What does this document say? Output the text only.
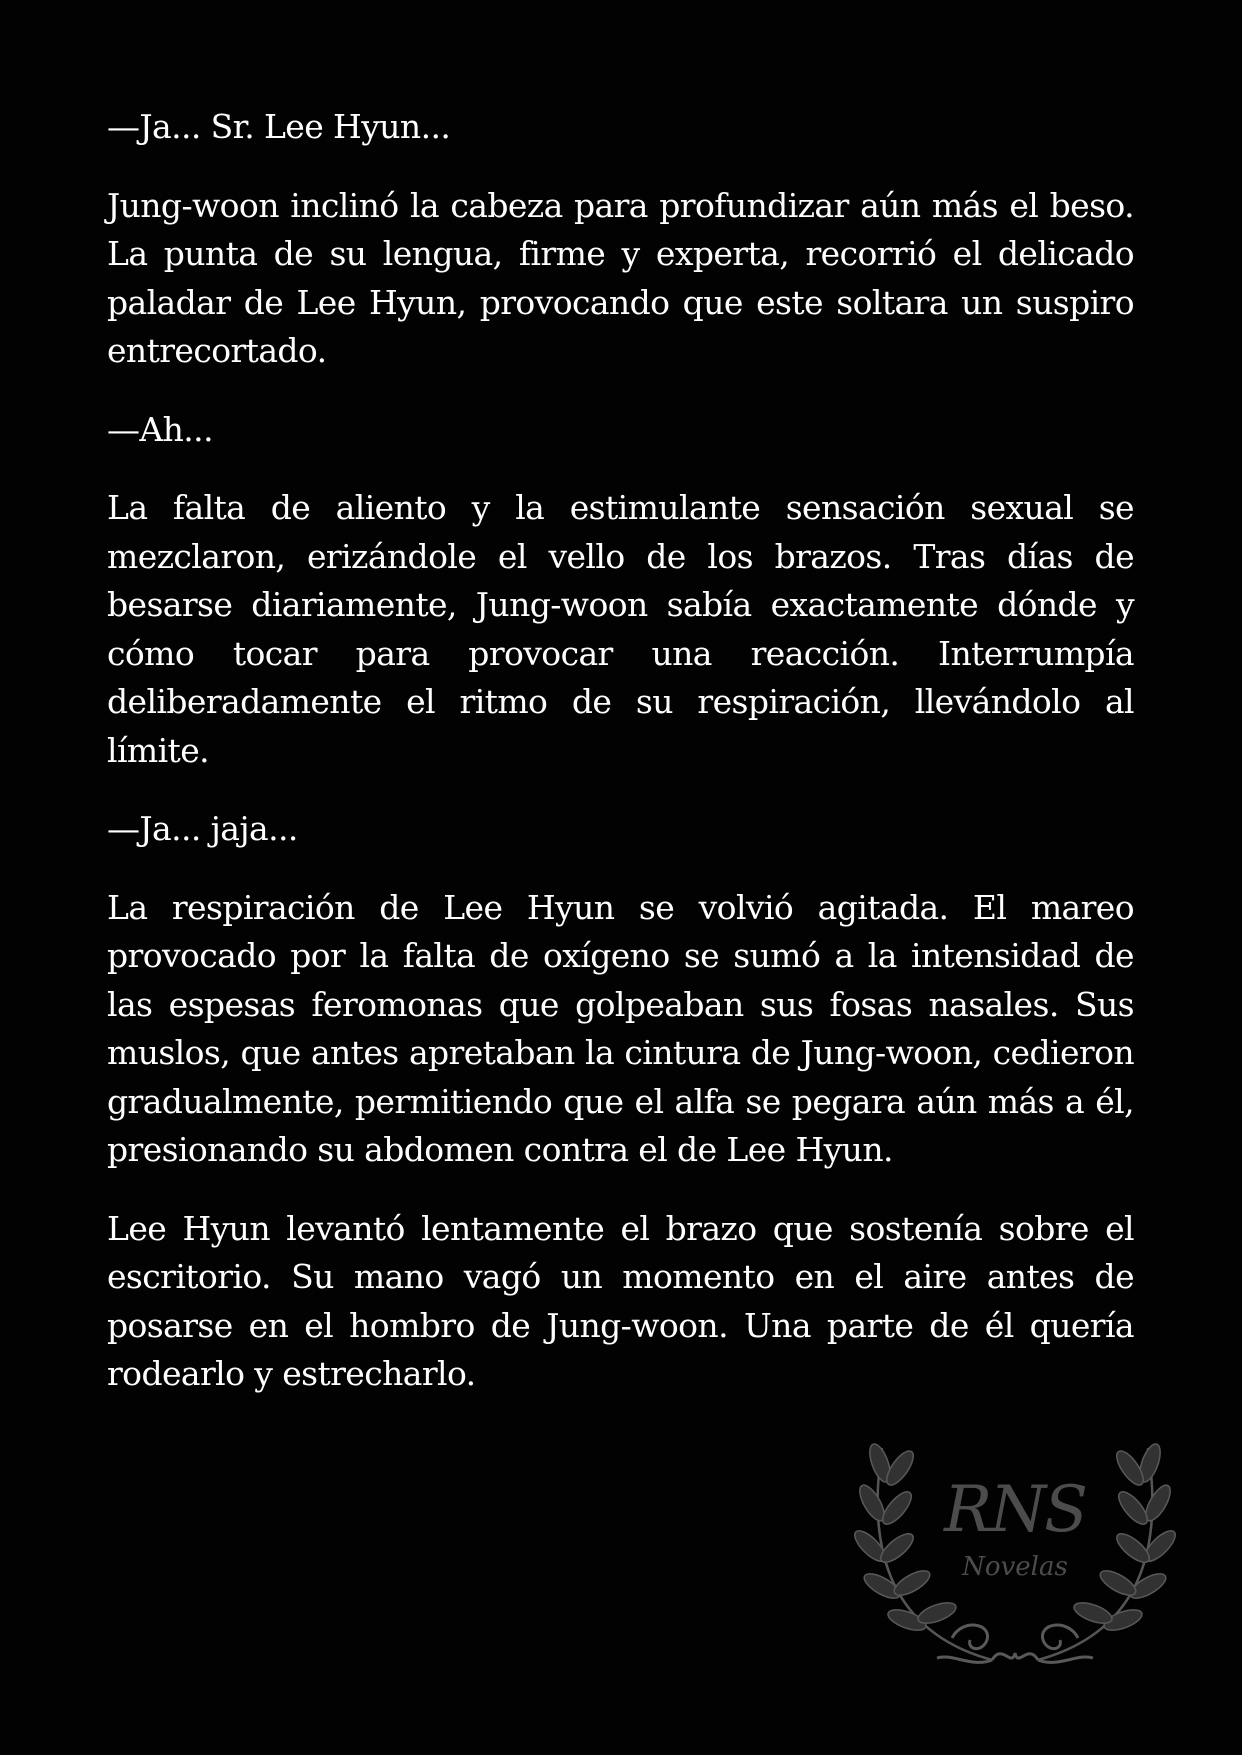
—Ja... Sr. Lee Hyun...

Jung-woon inclinó la cabeza para profundizar aún más el beso. La punta de su lengua, firme y experta, recorrió el delicado paladar de Lee Hyun, provocando que este soltara un suspiro entrecortado.

—Ah...

La falta de aliento y la estimulante sensación sexual se mezclaron, erizándole el vello de los brazos. Tras días de besarse diariamente, Jung-woon sabía exactamente dónde y cómo tocar para provocar una reacción. Interrumpía deliberadamente el ritmo de su respiración, llevándolo al límite.

—Ja... jaja...

La respiración de Lee Hyun se volvió agitada. El mareo provocado por la falta de oxígeno se sumó a la intensidad de las espesas feromonas que golpeaban sus fosas nasales. Sus muslos, que antes apretaban la cintura de Jung-woon, cedieron gradualmente, permitiendo que el alfa se pegara aún más a él, presionando su abdomen contra el de Lee Hyun.

Lee Hyun levantó lentamente el brazo que sostenía sobre el escritorio. Su mano vagó un momento en el aire antes de posarse en el hombro de Jung-woon. Una parte de él quería rodearlo y estrecharlo.

RNS
Novelas
